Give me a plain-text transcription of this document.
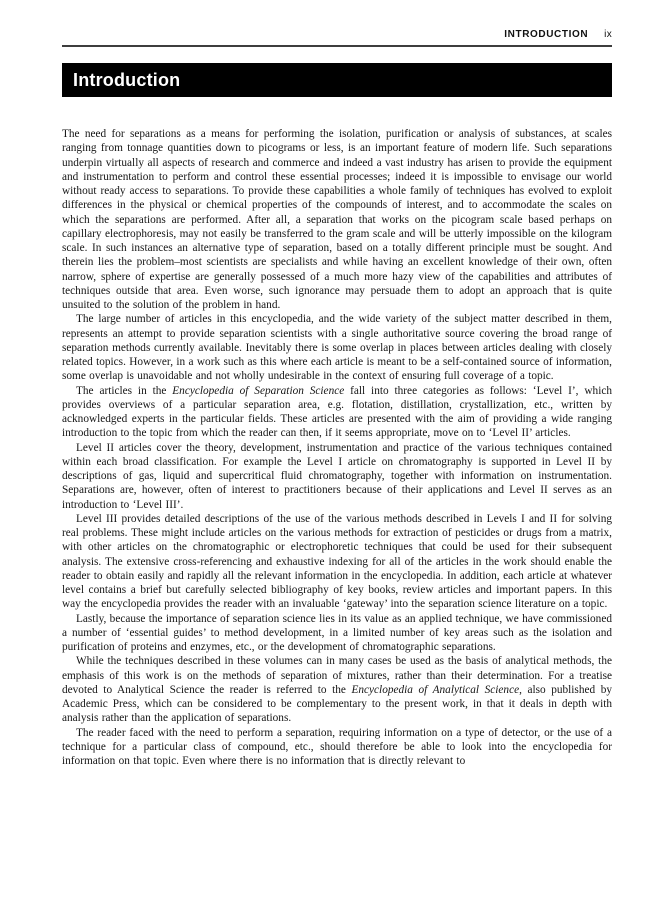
INTRODUCTION ix
Introduction

The need for separations as a means for performing the isolation, purification or analysis of substances, at scales ranging from tonnage quantities down to picograms or less, is an important feature of modern life. Such separations underpin virtually all aspects of research and commerce and indeed a vast industry has arisen to provide the equipment and instrumentation to perform and control these essential processes; indeed it is impossible to envisage our world without ready access to separations. To provide these capabilities a whole family of techniques has evolved to exploit differences in the physical or chemical properties of the compounds of interest, and to accommodate the scales on which the separations are performed. After all, a separation that works on the picogram scale based perhaps on capillary electrophoresis, may not easily be transferred to the gram scale and will be utterly impossible on the kilogram scale. In such instances an alternative type of separation, based on a totally different principle must be sought. And therein lies the problem–most scientists are specialists and while having an excellent knowledge of their own, often narrow, sphere of expertise are generally possessed of a much more hazy view of the capabilities and attributes of techniques outside that area. Even worse, such ignorance may persuade them to adopt an approach that is quite unsuited to the solution of the problem in hand.

The large number of articles in this encyclopedia, and the wide variety of the subject matter described in them, represents an attempt to provide separation scientists with a single authoritative source covering the broad range of separation methods currently available. Inevitably there is some overlap in places between articles dealing with closely related topics. However, in a work such as this where each article is meant to be a self-contained source of information, some overlap is unavoidable and not wholly undesirable in the context of ensuring full coverage of a topic.

The articles in the Encyclopedia of Separation Science fall into three categories as follows: ‘Level I’, which provides overviews of a particular separation area, e.g. flotation, distillation, crystallization, etc., written by acknowledged experts in the particular fields. These articles are presented with the aim of providing a wide ranging introduction to the topic from which the reader can then, if it seems appropriate, move on to ‘Level II’ articles.

Level II articles cover the theory, development, instrumentation and practice of the various techniques contained within each broad classification. For example the Level I article on chromatography is supported in Level II by descriptions of gas, liquid and supercritical fluid chromatography, together with information on instrumentation. Separations are, however, often of interest to practitioners because of their applications and Level II serves as an introduction to ‘Level III’.

Level III provides detailed descriptions of the use of the various methods described in Levels I and II for solving real problems. These might include articles on the various methods for extraction of pesticides or drugs from a matrix, with other articles on the chromatographic or electrophoretic techniques that could be used for their subsequent analysis. The extensive cross-referencing and exhaustive indexing for all of the articles in the work should enable the reader to obtain easily and rapidly all the relevant information in the encyclopedia. In addition, each article at whatever level contains a brief but carefully selected bibliography of key books, review articles and important papers. In this way the encyclopedia provides the reader with an invaluable ‘gateway’ into the separation science literature on a topic.

Lastly, because the importance of separation science lies in its value as an applied technique, we have commissioned a number of ‘essential guides’ to method development, in a limited number of key areas such as the isolation and purification of proteins and enzymes, etc., or the development of chromatographic separations.

While the techniques described in these volumes can in many cases be used as the basis of analytical methods, the emphasis of this work is on the methods of separation of mixtures, rather than their determination. For a treatise devoted to Analytical Science the reader is referred to the Encyclopedia of Analytical Science, also published by Academic Press, which can be considered to be complementary to the present work, in that it deals in depth with analysis rather than the application of separations.

The reader faced with the need to perform a separation, requiring information on a type of detector, or the use of a technique for a particular class of compound, etc., should therefore be able to look into the encyclopedia for information on that topic. Even where there is no information that is directly relevant to
